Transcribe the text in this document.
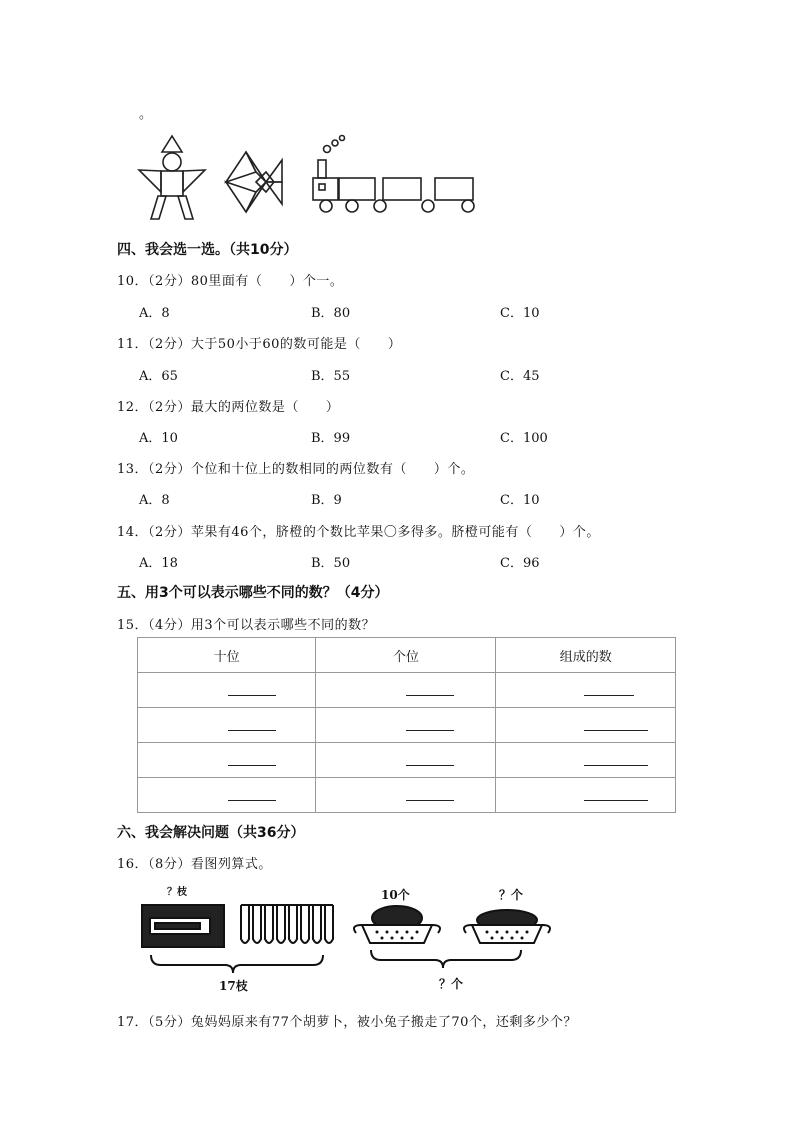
。
四、我会选一选。（共10分）
10．（2分）80里面有（　　）个一。
A．8	B．80	C．10
11．（2分）大于50小于60的数可能是（　　）
A．65	B．55	C．45
12．（2分）最大的两位数是（　　）
A．10	B．99	C．100
13．（2分）个位和十位上的数相同的两位数有（　　）个。
A．8	B．9	C．10
14．（2分）苹果有46个，脐橙的个数比苹果〇多得多。脐橙可能有（　　）个。
A．18	B．50	C．96
五、用3个可以表示哪些不同的数？（4分）
15．（4分）用3个可以表示哪些不同的数？
十位	个位	组成的数

六、我会解决问题（共36分）
16．（8分）看图列算式。
？枝
17枝
10个	？个
？个
17．（5分）兔妈妈原来有77个胡萝卜，被小兔子搬走了70个，还剩多少个？
